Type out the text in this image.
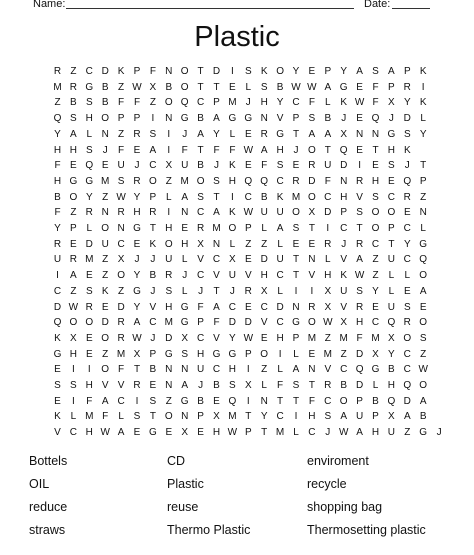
Name:	Date:
Plastic
R Z C D K P F N O T D	I	S K O Y E P Y A S A P K
M R G B Z W X B O T T E L S B W W A G E F P R	I
Z B S B F F Z O Q C P M J H Y C F	L K W F X Y K
Q S H O P P	I	N G B A G G N V P S B	J	E Q J D L
Y A L N Z R S	I	J	A Y L E R G T A A X N N G S Y
H H S	J	F E A	I	F T F F W A H J O T Q E T H K
F E Q E U J C X U B	J	K E F S E R U D	I	E S	J	T
H G G M S R O Z M O S H Q Q C R D F N R H E Q P
B O Y Z W Y P L A S T	I	C B K M O C H V S C R Z
F Z R N R H R	I	N C A K W U U O X D P S O O E N
Y P L O N G T H E R M O P L A S T	I	C T O P C L
R E D U C E K O H X N L	Z Z	L E E R J R C T Y G
U R M Z X	J	J U L V C X E D U T N L V A Z U C Q
I	A E Z O Y B R J C V U V H C T V H K W Z	L	L O
C Z S K Z G J	S L	J	T	J R X L	I	I	X U S Y L E A
D W R E D Y V H G F A C E C D N R X V R E U S E
Q O O D R A C M G P F D D V C G O W X H C Q R O
K X E O R W J D X C V Y W E H P M Z M F M X O S
G H E Z M X P G S H G G P O	I	L E M Z D X Y C Z
E	I	I	O F T B N N U C H	I	Z	L A N V C Q G B C W
S S H V V R E N A	J	B S X L	F S T R B D L H Q O
E	I	F A C	I	S Z G B E Q	I	N T T F C O P B Q D A
K L M F	L S T O N P X M T Y C	I	H S A U P X A B
V C H W A E G E X E H W P T M L C J W A H U Z G J
Bottels	CD	enviroment
OIL	Plastic	recycle
reduce	reuse	shopping bag
straws	Thermo Plastic	Thermosetting plastic
